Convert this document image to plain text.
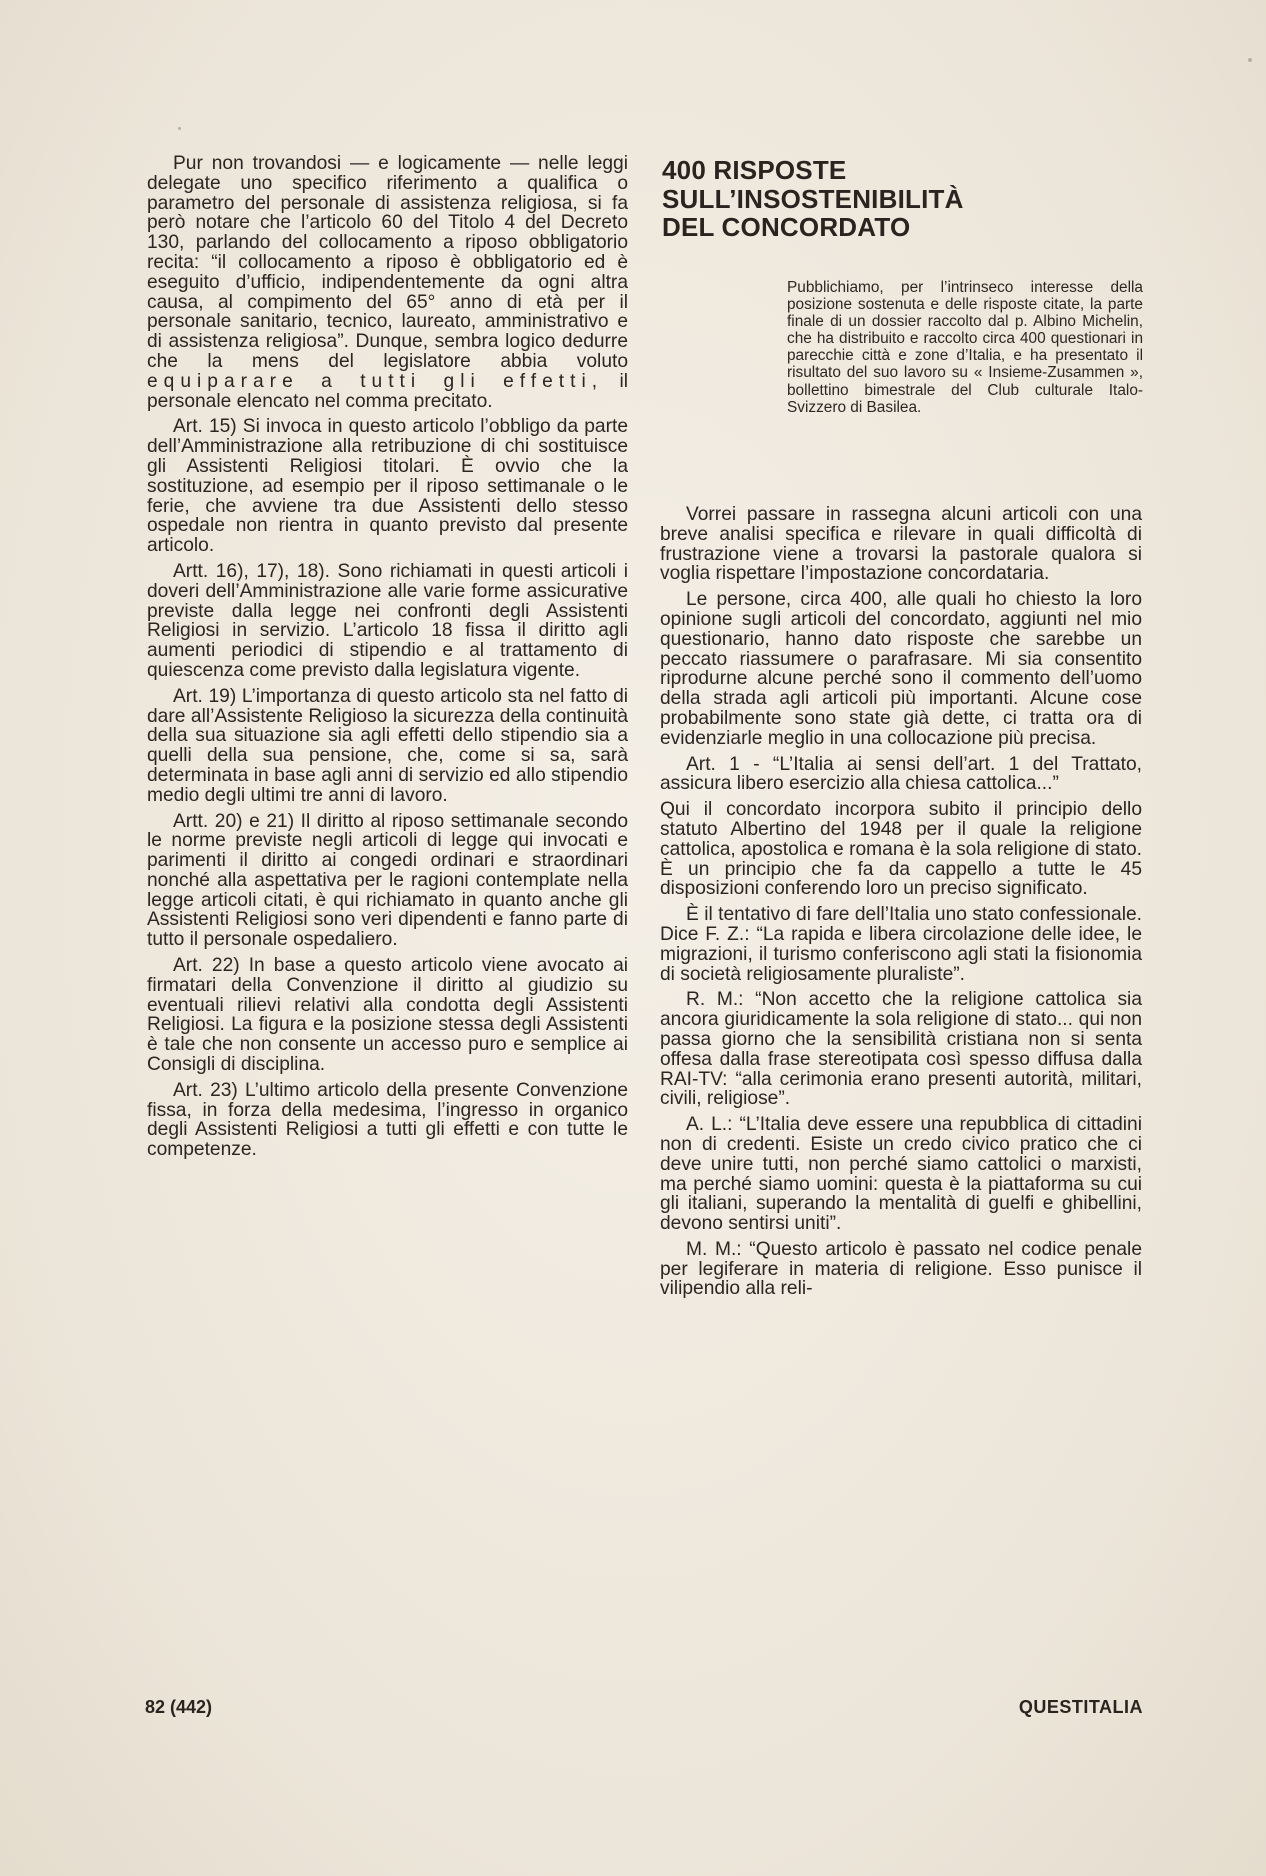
Pur non trovandosi — e logicamente — nelle leggi delegate uno specifico riferimento a qualifica o parametro del personale di assistenza religiosa, si fa però notare che l’articolo 60 del Titolo 4 del Decreto 130, parlando del collocamento a riposo obbligatorio recita: “il collocamento a riposo è obbligatorio ed è eseguito d’ufficio, indipendentemente da ogni altra causa, al compimento del 65° anno di età per il personale sanitario, tecnico, laureato, amministrativo e di assistenza religiosa”. Dunque, sembra logico dedurre che la mens del legislatore abbia voluto equiparare a tutti gli effetti, il personale elencato nel comma precitato.

Art. 15) Si invoca in questo articolo l’obbligo da parte dell’Amministrazione alla retribuzione di chi sostituisce gli Assistenti Religiosi titolari. È ovvio che la sostituzione, ad esempio per il riposo settimanale o le ferie, che avviene tra due Assistenti dello stesso ospedale non rientra in quanto previsto dal presente articolo.

Artt. 16), 17), 18). Sono richiamati in questi articoli i doveri dell’Amministrazione alle varie forme assicurative previste dalla legge nei confronti degli Assistenti Religiosi in servizio. L’articolo 18 fissa il diritto agli aumenti periodici di stipendio e al trattamento di quiescenza come previsto dalla legislatura vigente.

Art. 19) L’importanza di questo articolo sta nel fatto di dare all’Assistente Religioso la sicurezza della continuità della sua situazione sia agli effetti dello stipendio sia a quelli della sua pensione, che, come si sa, sarà determinata in base agli anni di servizio ed allo stipendio medio degli ultimi tre anni di lavoro.

Artt. 20) e 21) Il diritto al riposo settimanale secondo le norme previste negli articoli di legge qui invocati e parimenti il diritto ai congedi ordinari e straordinari nonché alla aspettativa per le ragioni contemplate nella legge articoli citati, è qui richiamato in quanto anche gli Assistenti Religiosi sono veri dipendenti e fanno parte di tutto il personale ospedaliero.

Art. 22) In base a questo articolo viene avocato ai firmatari della Convenzione il diritto al giudizio su eventuali rilievi relativi alla condotta degli Assistenti Religiosi. La figura e la posizione stessa degli Assistenti è tale che non consente un accesso puro e semplice ai Consigli di disciplina.

Art. 23) L’ultimo articolo della presente Convenzione fissa, in forza della medesima, l’ingresso in organico degli Assistenti Religiosi a tutti gli effetti e con tutte le competenze.

400 RISPOSTE
SULL’INSOSTENIBILITÀ
DEL CONCORDATO
Pubblichiamo, per l’intrinseco interesse della posizione sostenuta e delle risposte citate, la parte finale di un dossier raccolto dal p. Albino Michelin, che ha distribuito e raccolto circa 400 questionari in parecchie città e zone d’Italia, e ha presentato il risultato del suo lavoro su « Insieme-Zusammen », bollettino bimestrale del Club culturale Italo-Svizzero di Basilea.

Vorrei passare in rassegna alcuni articoli con una breve analisi specifica e rilevare in quali difficoltà di frustrazione viene a trovarsi la pastorale qualora si voglia rispettare l’impostazione concordataria.

Le persone, circa 400, alle quali ho chiesto la loro opinione sugli articoli del concordato, aggiunti nel mio questionario, hanno dato risposte che sarebbe un peccato riassumere o parafrasare. Mi sia consentito riprodurne alcune perché sono il commento dell’uomo della strada agli articoli più importanti. Alcune cose probabilmente sono state già dette, ci tratta ora di evidenziarle meglio in una collocazione più precisa.

Art. 1 - “L’Italia ai sensi dell’art. 1 del Trattato, assicura libero esercizio alla chiesa cattolica...”

Qui il concordato incorpora subito il principio dello statuto Albertino del 1948 per il quale la religione cattolica, apostolica e romana è la sola religione di stato. È un principio che fa da cappello a tutte le 45 disposizioni conferendo loro un preciso significato.

È il tentativo di fare dell’Italia uno stato confessionale. Dice F. Z.: “La rapida e libera circolazione delle idee, le migrazioni, il turismo conferiscono agli stati la fisionomia di società religiosamente pluraliste”.

R. M.: “Non accetto che la religione cattolica sia ancora giuridicamente la sola religione di stato... qui non passa giorno che la sensibilità cristiana non si senta offesa dalla frase stereotipata così spesso diffusa dalla RAI-TV: “alla cerimonia erano presenti autorità, militari, civili, religiose”.

A. L.: “L’Italia deve essere una repubblica di cittadini non di credenti. Esiste un credo civico pratico che ci deve unire tutti, non perché siamo cattolici o marxisti, ma perché siamo uomini: questa è la piattaforma su cui gli italiani, superando la mentalità di guelfi e ghibellini, devono sentirsi uniti”.

M. M.: “Questo articolo è passato nel codice penale per legiferare in materia di religione. Esso punisce il vilipendio alla reli-

82 (442)	QUESTITALIA
